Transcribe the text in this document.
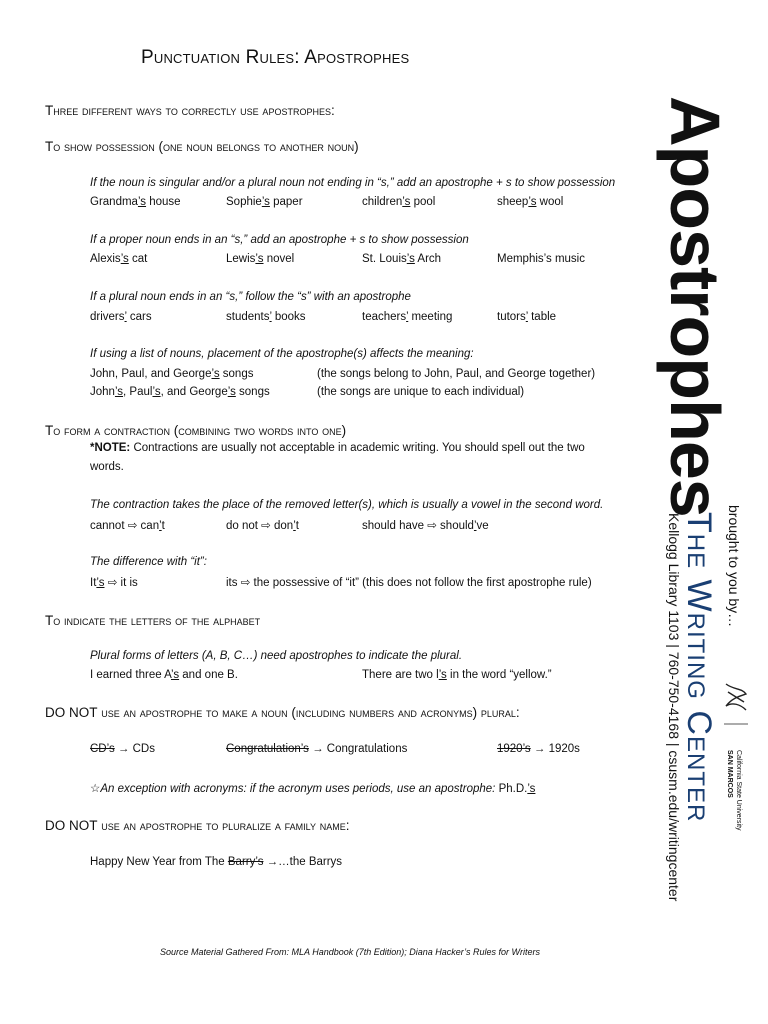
Punctuation Rules: Apostrophes
Three different ways to correctly use apostrophes:
To show possession (one noun belongs to another noun)
If the noun is singular and/or a plural noun not ending in “s,” add an apostrophe + s to show possession
Grandma’s house	Sophie’s paper	children’s pool	sheep’s wool
If a proper noun ends in an “s,” add an apostrophe + s to show possession
Alexis’s cat	Lewis’s novel	St. Louis’s Arch	Memphis’s music
If a plural noun ends in an “s,” follow the “s” with an apostrophe
drivers’ cars	students’ books	teachers’ meeting	tutors’ table
If using a list of nouns, placement of the apostrophe(s) affects the meaning:
John, Paul, and George’s songs	(the songs belong to John, Paul, and George together)
John’s, Paul’s, and George’s songs	(the songs are unique to each individual)
To form a contraction (combining two words into one)
*NOTE: Contractions are usually not acceptable in academic writing. You should spell out the two
words.
The contraction takes the place of the removed letter(s), which is usually a vowel in the second word.
cannot ⇨ can’t	do not ⇨ don’t	should have ⇨ should’ve
The difference with “it”:
It’s ⇨ it is	its ⇨ the possessive of “it” (this does not follow the first apostrophe rule)
To indicate the letters of the alphabet
Plural forms of letters (A, B, C…) need apostrophes to indicate the plural.
I earned three A’s and one B.	There are two l’s in the word “yellow.”
DO NOT use an apostrophe to make a noun (including numbers and acronyms) plural:
CD’s → CDs	Congratulation’s → Congratulations	1920’s → 1920s
☆An exception with acronyms: if the acronym uses periods, use an apostrophe: Ph.D.’s
DO NOT use an apostrophe to pluralize a family name:
Happy New Year from The Barry’s →…the Barrys
Source Material Gathered From: MLA Handbook (7th Edition); Diana Hacker’s Rules for Writers
Apostrophes
brought to you by…
The Writing Center
Kellogg Library 1103 | 760-750-4168 | csusm.edu/writingcenter	California State University
SAN MARCOS
